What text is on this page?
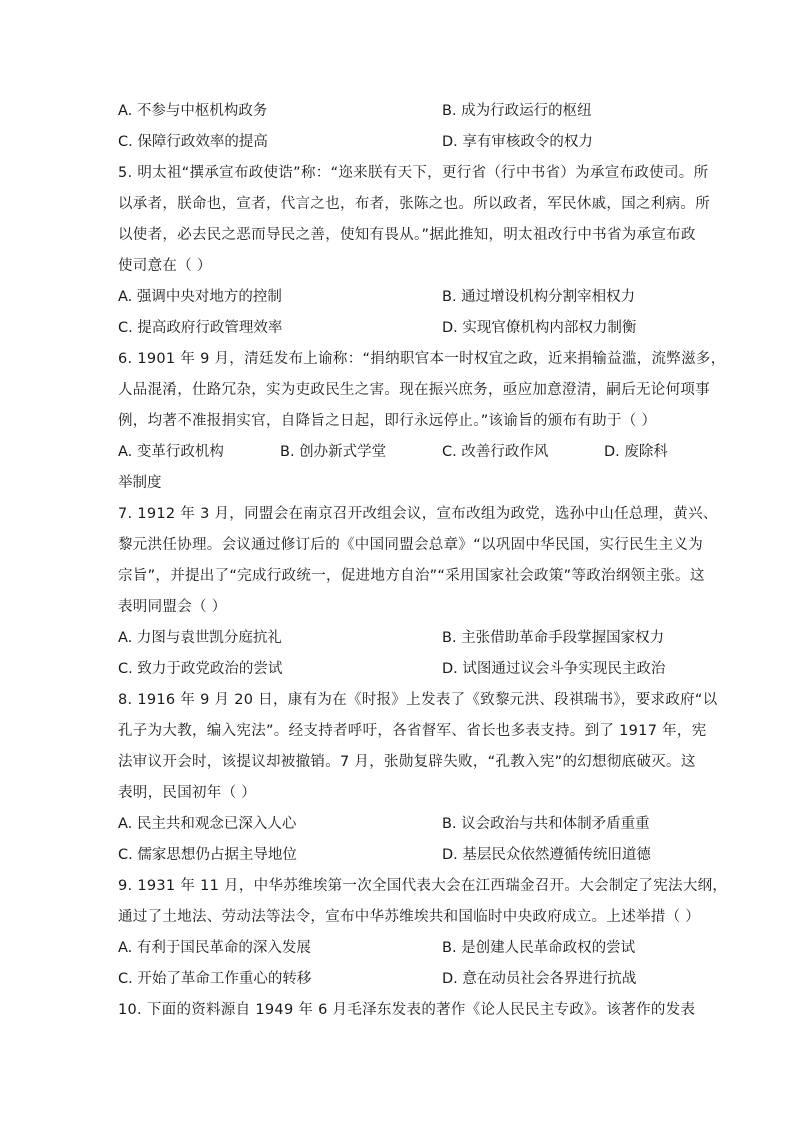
A. 不参与中枢机构政务	B. 成为行政运行的枢纽
C. 保障行政效率的提高	D. 享有审核政令的权力
5. 明太祖“撰承宣布政使诰”称：“迩来朕有天下，更行省（行中书省）为承宣布政使司。所
以承者，朕命也，宣者，代言之也，布者，张陈之也。所以政者，军民休戚，国之利病。所
以使者，必去民之恶而导民之善，使知有畏从。”据此推知，明太祖改行中书省为承宣布政
使司意在（ ）
A. 强调中央对地方的控制	B. 通过增设机构分割宰相权力
C. 提高政府行政管理效率	D. 实现官僚机构内部权力制衡
6. 1901 年 9 月，清廷发布上谕称：“捐纳职官本一时权宜之政，近来捐输益滥，流弊滋多，
人品混淆，仕路冗杂，实为吏政民生之害。现在振兴庶务，亟应加意澄清，嗣后无论何项事
例，均著不准报捐实官，自降旨之日起，即行永远停止。”该谕旨的颁布有助于（ ）
A. 变革行政机构	B. 创办新式学堂	C. 改善行政作风	D. 废除科
举制度
7. 1912 年 3 月，同盟会在南京召开改组会议，宣布改组为政党，选孙中山任总理，黄兴、
黎元洪任协理。会议通过修订后的《中国同盟会总章》“以巩固中华民国，实行民生主义为
宗旨”，并提出了“完成行政统一，促进地方自治”“采用国家社会政策”等政治纲领主张。这
表明同盟会（ ）
A. 力图与袁世凯分庭抗礼	B. 主张借助革命手段掌握国家权力
C. 致力于政党政治的尝试	D. 试图通过议会斗争实现民主政治
8. 1916 年 9 月 20 日，康有为在《时报》上发表了《致黎元洪、段祺瑞书》，要求政府“以
孔子为大教，编入宪法”。经支持者呼吁，各省督军、省长也多表支持。到了 1917 年，宪
法审议开会时，该提议却被撤销。7 月，张勋复辟失败，“孔教入宪”的幻想彻底破灭。这
表明，民国初年（ ）
A. 民主共和观念已深入人心	B. 议会政治与共和体制矛盾重重
C. 儒家思想仍占据主导地位	D. 基层民众依然遵循传统旧道德
9. 1931 年 11 月，中华苏维埃第一次全国代表大会在江西瑞金召开。大会制定了宪法大纲，
通过了土地法、劳动法等法令，宣布中华苏维埃共和国临时中央政府成立。上述举措（ ）
A. 有利于国民革命的深入发展	B. 是创建人民革命政权的尝试
C. 开始了革命工作重心的转移	D. 意在动员社会各界进行抗战
10. 下面的资料源自 1949 年 6 月毛泽东发表的著作《论人民民主专政》。该著作的发表
